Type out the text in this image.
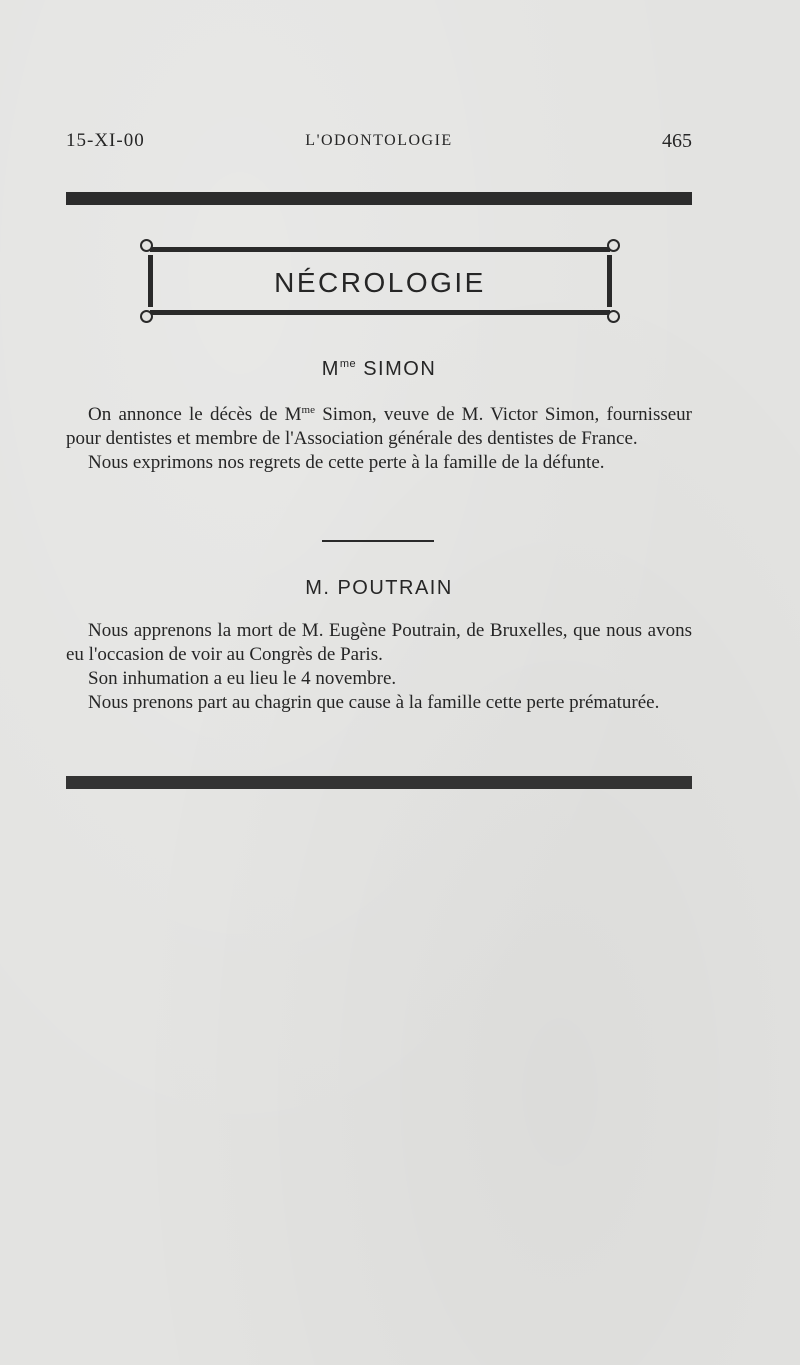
15-XI-00	L'ODONTOLOGIE	465
NÉCROLOGIE
$M^{me}$ SIMON

On annonce le décès de $M^{me}$ Simon, veuve de M. Victor Simon, fournisseur pour dentistes et membre de l'Association générale des dentistes de France.

Nous exprimons nos regrets de cette perte à la famille de la défunte.

M. POUTRAIN

Nous apprenons la mort de M. Eugène Poutrain, de Bruxelles, que nous avons eu l'occasion de voir au Congrès de Paris.

Son inhumation a eu lieu le 4 novembre.

Nous prenons part au chagrin que cause à la famille cette perte prématurée.
